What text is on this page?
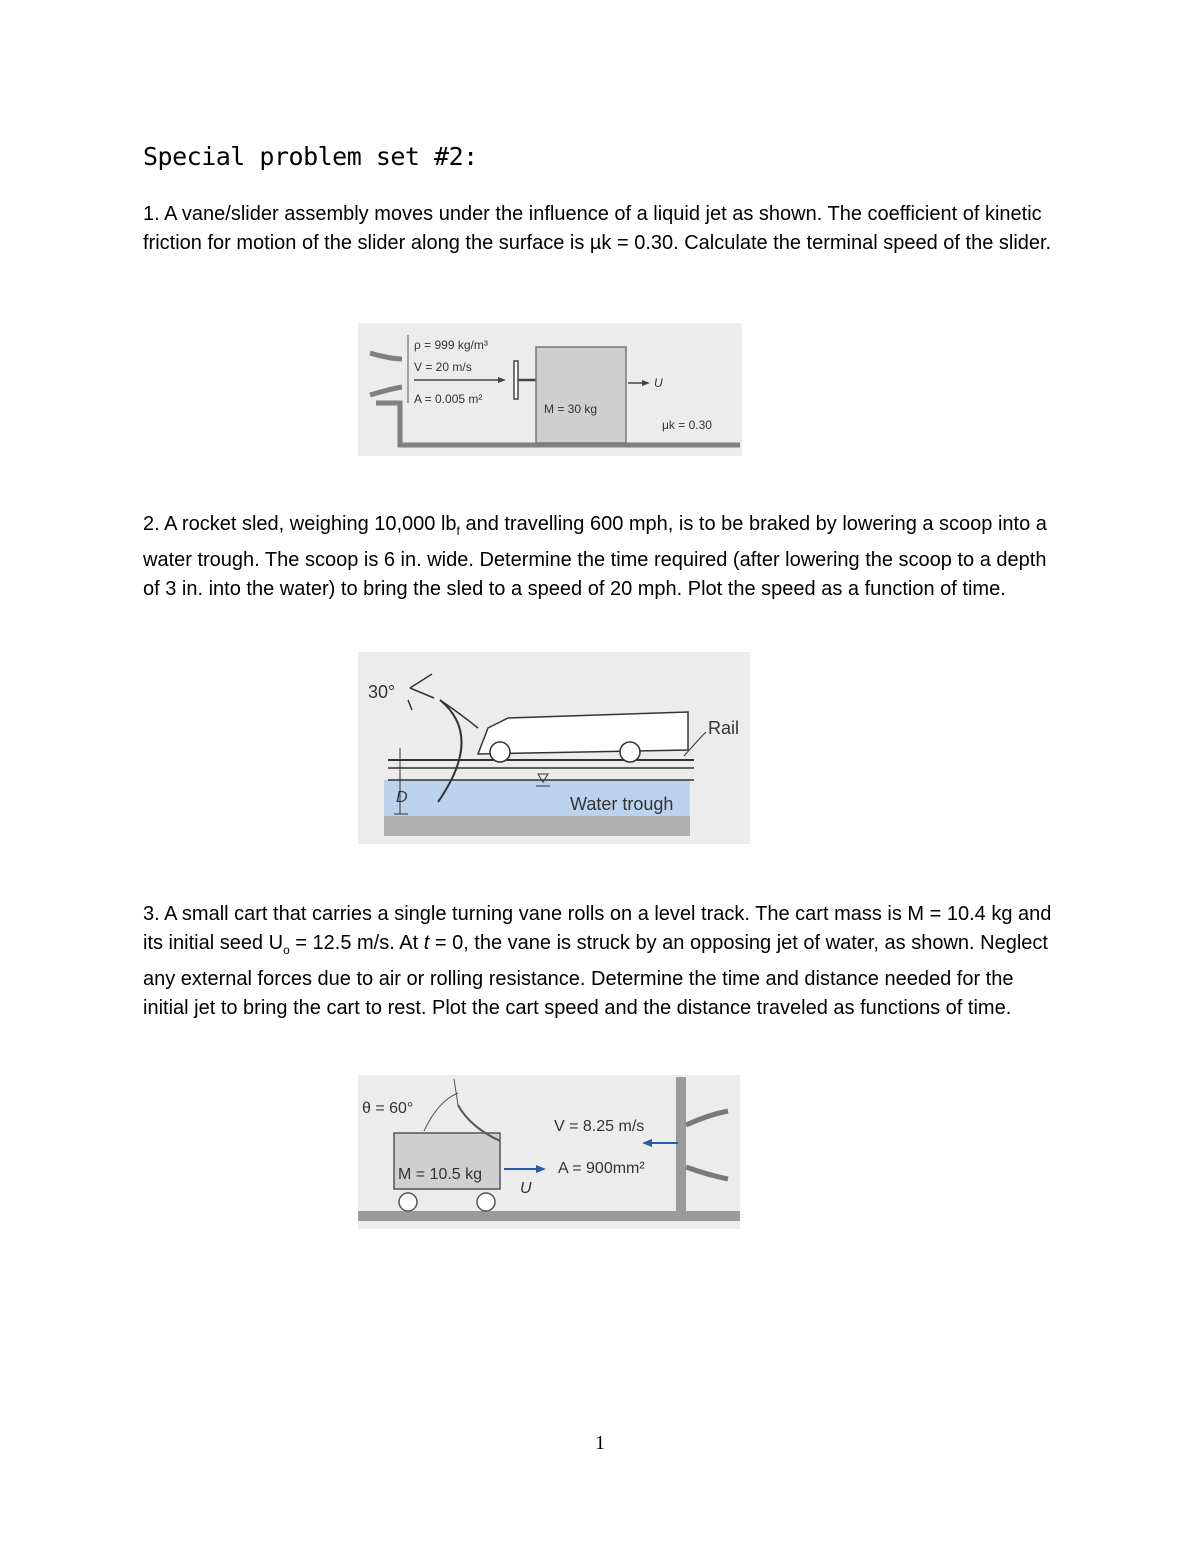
Special problem set #2:

1. A vane/slider assembly moves under the influence of a liquid jet as shown. The coefficient of kinetic friction for motion of the slider along the surface is µk = 0.30. Calculate the terminal speed of the slider.

ρ = 999 kg/m³
V = 20 m/s
A = 0.005 m²
M = 30 kg
U
μk = 0.30

2. A rocket sled, weighing 10,000 $lb_f$ and travelling 600 mph, is to be braked by lowering a scoop into a water trough. The scoop is 6 in. wide. Determine the time required (after lowering the scoop to a depth of 3 in. into the water) to bring the sled to a speed of 20 mph. Plot the speed as a function of time.

30°
Rail
D	Water trough

3. A small cart that carries a single turning vane rolls on a level track. The cart mass is M = 10.4 kg and its initial seed $U_o = 12.5$ m/s. At t = 0, the vane is struck by an opposing jet of water, as shown. Neglect any external forces due to air or rolling resistance. Determine the time and distance needed for the initial jet to bring the cart to rest. Plot the cart speed and the distance traveled as functions of time.

θ = 60°
V = 8.25 m/s
A = 900mm²
M = 10.5 kg
U
1
